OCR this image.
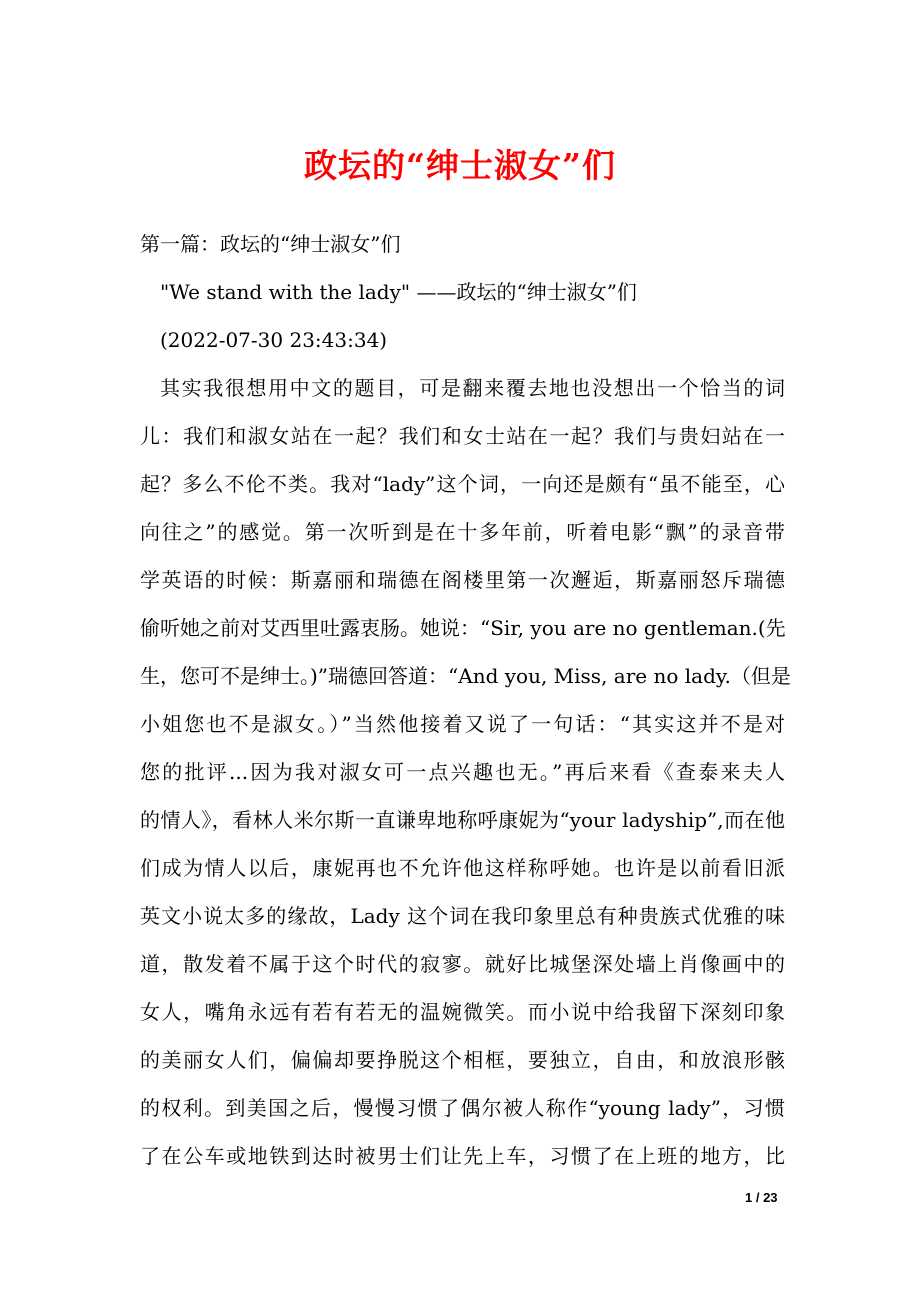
政坛的“绅士淑女”们
第一篇：政坛的“绅士淑女”们
"We stand with the lady" ——政坛的“绅士淑女”们
(2022-07-30 23:43:34)
其实我很想用中文的题目，可是翻来覆去地也没想出一个恰当的词
儿：我们和淑女站在一起？我们和女士站在一起？我们与贵妇站在一
起？多么不伦不类。我对“lady”这个词，一向还是颇有“虽不能至，心
向往之”的感觉。第一次听到是在十多年前，听着电影“飘”的录音带
学英语的时候：斯嘉丽和瑞德在阁楼里第一次邂逅，斯嘉丽怒斥瑞德
偷听她之前对艾西里吐露衷肠。她说：“Sir, you are no gentleman.(先
生，您可不是绅士。)”瑞德回答道：“And you, Miss, are no lady.（但是
小姐您也不是淑女。）”当然他接着又说了一句话：“其实这并不是对
您的批评...因为我对淑女可一点兴趣也无。”再后来看《查泰来夫人
的情人》，看林人米尔斯一直谦卑地称呼康妮为“your ladyship”,而在他
们成为情人以后，康妮再也不允许他这样称呼她。也许是以前看旧派
英文小说太多的缘故，Lady 这个词在我印象里总有种贵族式优雅的味
道，散发着不属于这个时代的寂寥。就好比城堡深处墙上肖像画中的
女人，嘴角永远有若有若无的温婉微笑。而小说中给我留下深刻印象
的美丽女人们，偏偏却要挣脱这个相框，要独立，自由，和放浪形骸
的权利。到美国之后，慢慢习惯了偶尔被人称作“young lady”，习惯
了在公车或地铁到达时被男士们让先上车，习惯了在上班的地方，比
1 / 23
